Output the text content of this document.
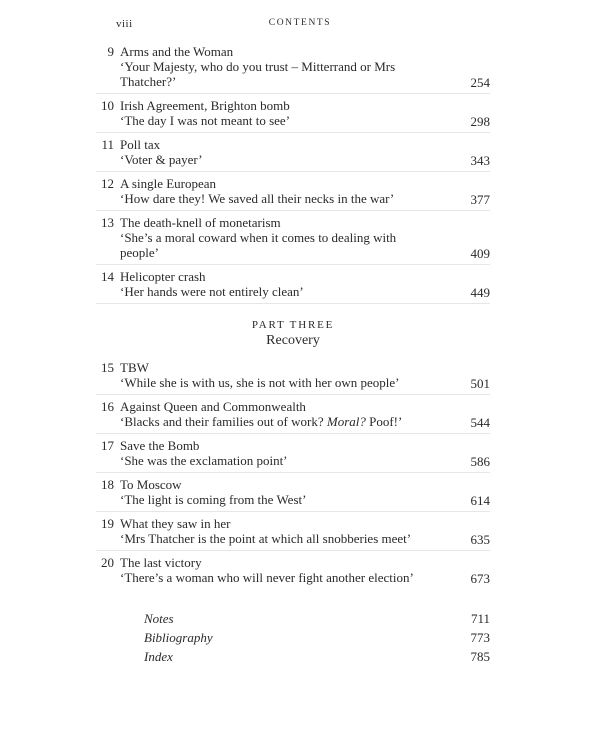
viii	CONTENTS
9 Arms and the Woman
‘Your Majesty, who do you trust – Mitterrand or Mrs Thatcher?’	254
10 Irish Agreement, Brighton bomb
‘The day I was not meant to see’	298
11 Poll tax
‘Voter & payer’	343
12 A single European
‘How dare they! We saved all their necks in the war’	377
13 The death-knell of monetarism
‘She’s a moral coward when it comes to dealing with people’	409
14 Helicopter crash
‘Her hands were not entirely clean’	449
PART THREE
Recovery
15 TBW
‘While she is with us, she is not with her own people’	501
16 Against Queen and Commonwealth
‘Blacks and their families out of work? Moral? Poof!’	544
17 Save the Bomb
‘She was the exclamation point’	586
18 To Moscow
‘The light is coming from the West’	614
19 What they saw in her
‘Mrs Thatcher is the point at which all snobberies meet’	635
20 The last victory
‘There’s a woman who will never fight another election’	673
Notes	711
Bibliography	773
Index	785
